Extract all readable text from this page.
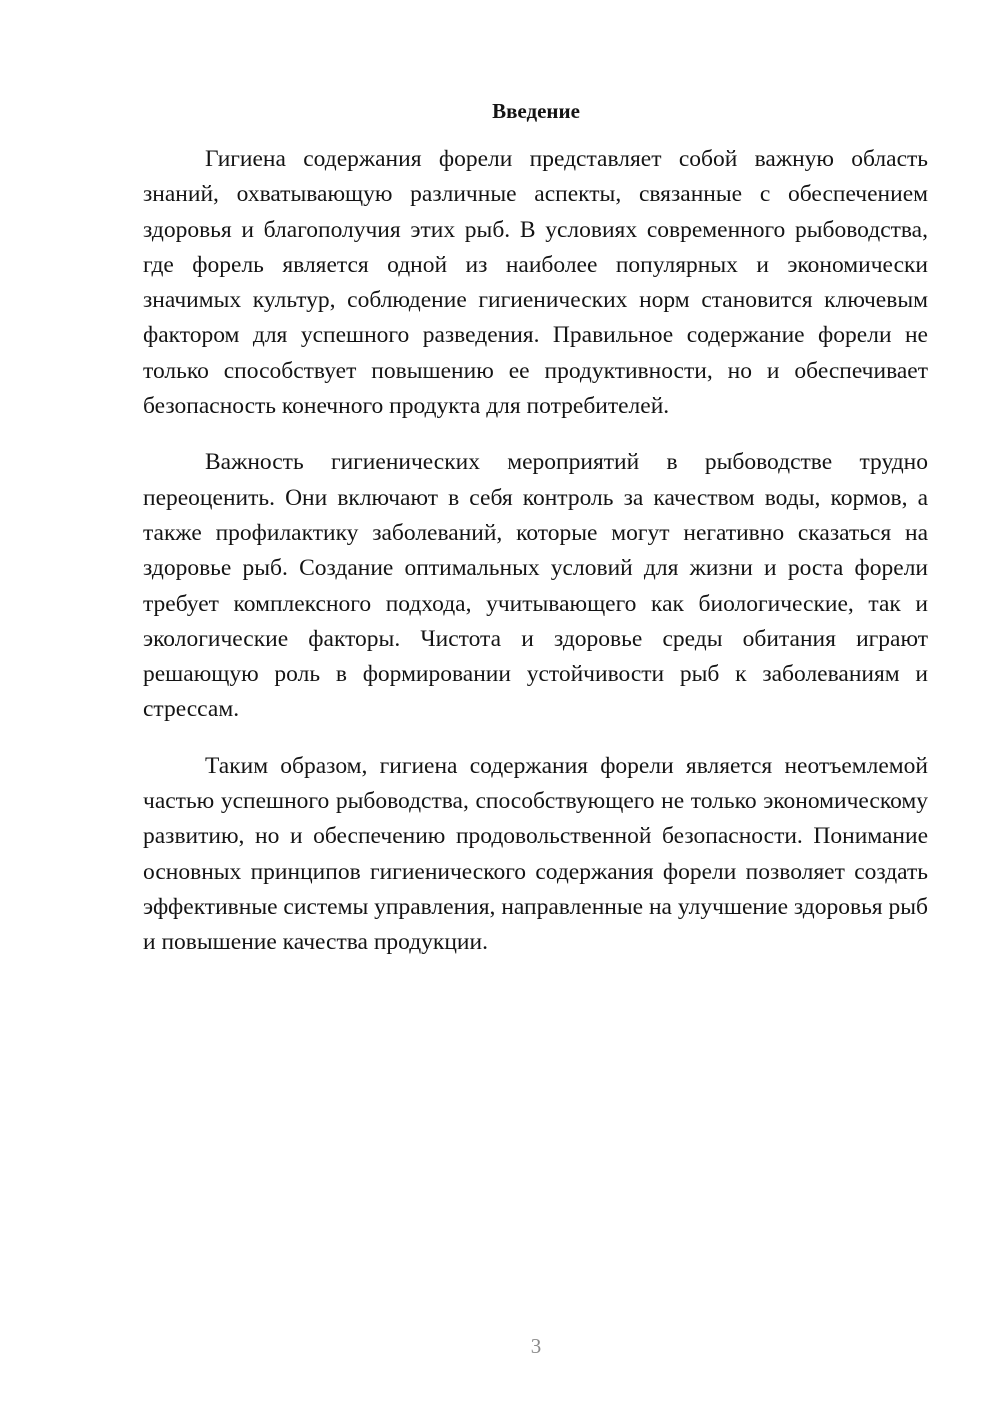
Введение

Гигиена содержания форели представляет собой важную область знаний, охватывающую различные аспекты, связанные с обеспечением здоровья и благополучия этих рыб. В условиях современного рыбоводства, где форель является одной из наиболее популярных и экономически значимых культур, соблюдение гигиенических норм становится ключевым фактором для успешного разведения. Правильное содержание форели не только способствует повышению ее продуктивности, но и обеспечивает безопасность конечного продукта для потребителей.

Важность гигиенических мероприятий в рыбоводстве трудно переоценить. Они включают в себя контроль за качеством воды, кормов, а также профилактику заболеваний, которые могут негативно сказаться на здоровье рыб. Создание оптимальных условий для жизни и роста форели требует комплексного подхода, учитывающего как биологические, так и экологические факторы. Чистота и здоровье среды обитания играют решающую роль в формировании устойчивости рыб к заболеваниям и стрессам.

Таким образом, гигиена содержания форели является неотъемлемой частью успешного рыбоводства, способствующего не только экономическому развитию, но и обеспечению продовольственной безопасности. Понимание основных принципов гигиенического содержания форели позволяет создать эффективные системы управления, направленные на улучшение здоровья рыб и повышение качества продукции.

3
